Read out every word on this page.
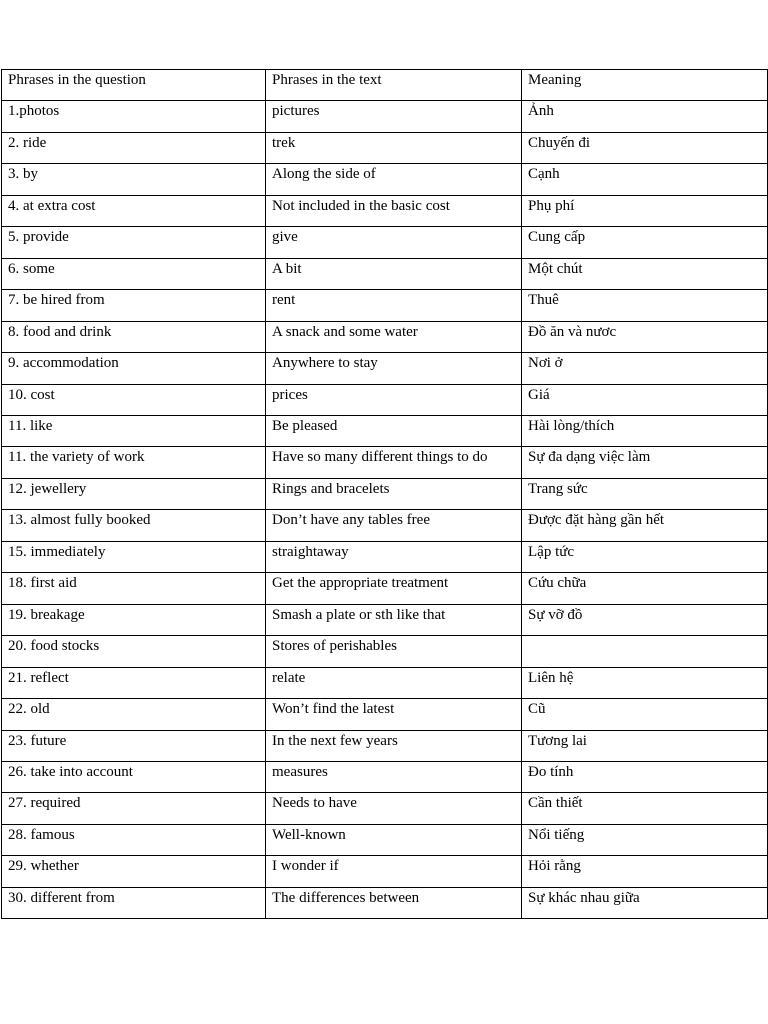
Phrases in the question	Phrases in the text	Meaning

1.photos	pictures	Ảnh

2. ride	trek	Chuyến đi

3. by	Along the side of	Cạnh

4. at extra cost	Not included in the basic cost	Phụ phí

5. provide	give	Cung cấp

6. some	A bit	Một chút

7. be hired from	rent	Thuê

8. food and drink	A snack and some water	Đồ ăn và nươc

9. accommodation	Anywhere to stay	Nơi ở

10. cost	prices	Giá

11. like	Be pleased	Hài lòng/thích

11. the variety of work	Have so many different things to do	Sự đa dạng việc làm

12. jewellery	Rings and bracelets	Trang sức

13. almost fully booked	Don’t have any tables free	Được đặt hàng gần hết

15. immediately	straightaway	Lập tức

18. first aid	Get the appropriate treatment	Cứu chữa

19. breakage	Smash a plate or sth like that	Sự vỡ đồ

20. food stocks	Stores of perishables	

21. reflect	relate	Liên hệ

22. old	Won’t find the latest	Cũ

23. future	In the next few years	Tương lai

26. take into account	measures	Đo tính

27. required	Needs to have	Cần thiết

28. famous	Well-known	Nổi tiếng

29. whether	I wonder if	Hỏi rằng

30. different from	The differences between	Sự khác nhau giữa
